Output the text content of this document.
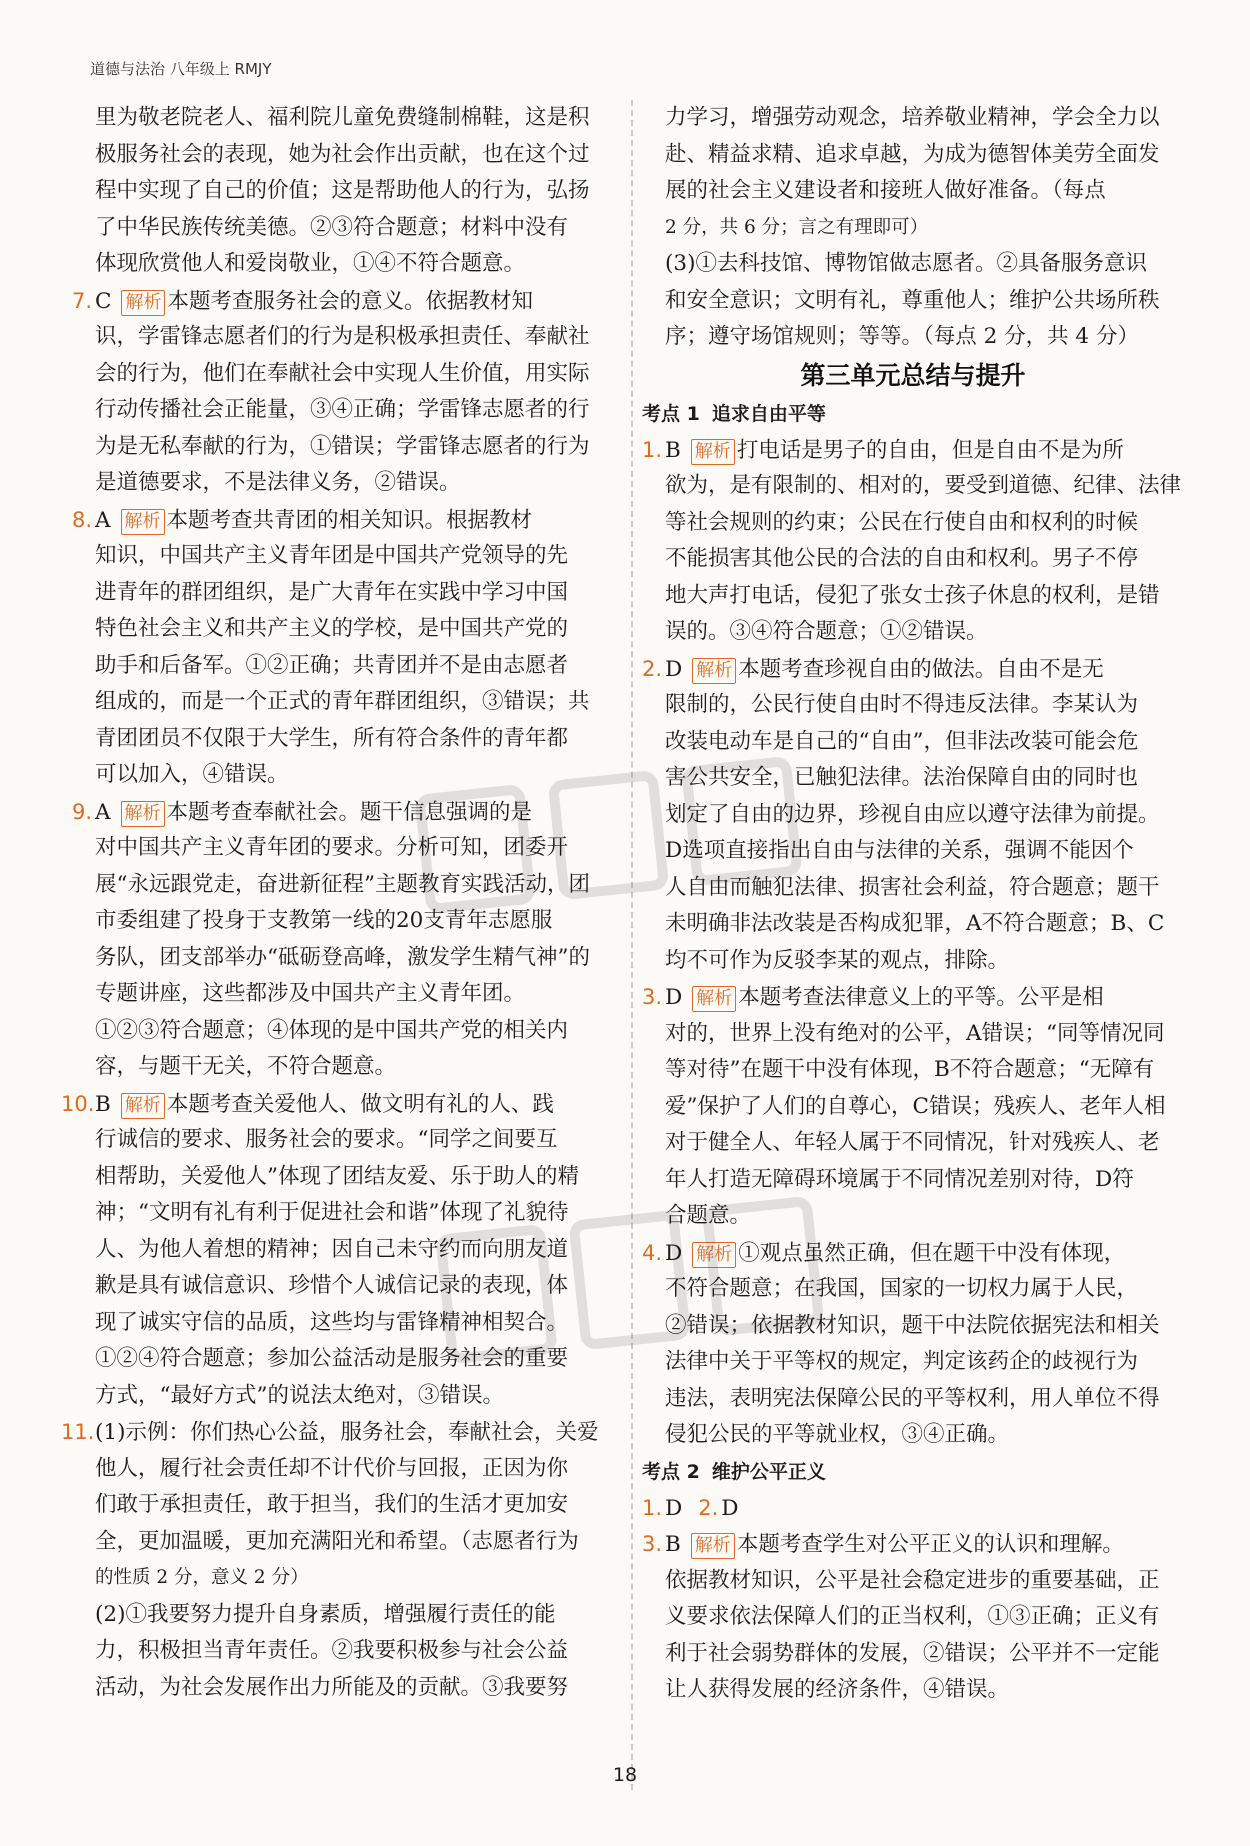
道德与法治 八年级上 RMJY
里为敬老院老人、福利院儿童免费缝制棉鞋，这是积
极服务社会的表现，她为社会作出贡献，也在这个过
程中实现了自己的价值；这是帮助他人的行为，弘扬
了中华民族传统美德。②③符合题意；材料中没有
体现欣赏他人和爱岗敬业，①④不符合题意。
7. C 解析 本题考查服务社会的意义。依据教材知
识，学雷锋志愿者们的行为是积极承担责任、奉献社
会的行为，他们在奉献社会中实现人生价值，用实际
行动传播社会正能量，③④正确；学雷锋志愿者的行
为是无私奉献的行为，①错误；学雷锋志愿者的行为
是道德要求，不是法律义务，②错误。
8. A 解析 本题考查共青团的相关知识。根据教材
知识，中国共产主义青年团是中国共产党领导的先
进青年的群团组织，是广大青年在实践中学习中国
特色社会主义和共产主义的学校，是中国共产党的
助手和后备军。①②正确；共青团并不是由志愿者
组成的，而是一个正式的青年群团组织，③错误；共
青团团员不仅限于大学生，所有符合条件的青年都
可以加入，④错误。
9. A 解析 本题考查奉献社会。题干信息强调的是
对中国共产主义青年团的要求。分析可知，团委开
展“永远跟党走，奋进新征程”主题教育实践活动，团
市委组建了投身于支教第一线的20支青年志愿服
务队，团支部举办“砥砺登高峰，激发学生精气神”的
专题讲座，这些都涉及中国共产主义青年团。
①②③符合题意；④体现的是中国共产党的相关内
容，与题干无关，不符合题意。
10. B 解析 本题考查关爱他人、做文明有礼的人、践
行诚信的要求、服务社会的要求。“同学之间要互
相帮助，关爱他人”体现了团结友爱、乐于助人的精
神；“文明有礼有利于促进社会和谐”体现了礼貌待
人、为他人着想的精神；因自己未守约而向朋友道
歉是具有诚信意识、珍惜个人诚信记录的表现，体
现了诚实守信的品质，这些均与雷锋精神相契合。
①②④符合题意；参加公益活动是服务社会的重要
方式，“最好方式”的说法太绝对，③错误。
11. (1)示例：你们热心公益，服务社会，奉献社会，关爱
他人，履行社会责任却不计代价与回报，正因为你
们敢于承担责任，敢于担当，我们的生活才更加安
全，更加温暖，更加充满阳光和希望。（志愿者行为
的性质 2 分，意义 2 分）
(2)①我要努力提升自身素质，增强履行责任的能
力，积极担当青年责任。②我要积极参与社会公益
活动，为社会发展作出力所能及的贡献。③我要努
力学习，增强劳动观念，培养敬业精神，学会全力以
赴、精益求精、追求卓越，为成为德智体美劳全面发
展的社会主义建设者和接班人做好准备。（每点
2 分，共 6 分；言之有理即可）
(3)①去科技馆、博物馆做志愿者。②具备服务意识
和安全意识；文明有礼，尊重他人；维护公共场所秩
序；遵守场馆规则；等等。（每点 2 分，共 4 分）
第三单元总结与提升
考点 1 追求自由平等
1. B 解析 打电话是男子的自由，但是自由不是为所
欲为，是有限制的、相对的，要受到道德、纪律、法律
等社会规则的约束；公民在行使自由和权利的时候
不能损害其他公民的合法的自由和权利。男子不停
地大声打电话，侵犯了张女士孩子休息的权利，是错
误的。③④符合题意；①②错误。
2. D 解析 本题考查珍视自由的做法。自由不是无
限制的，公民行使自由时不得违反法律。李某认为
改装电动车是自己的“自由”，但非法改装可能会危
害公共安全，已触犯法律。法治保障自由的同时也
划定了自由的边界，珍视自由应以遵守法律为前提。
D选项直接指出自由与法律的关系，强调不能因个
人自由而触犯法律、损害社会利益，符合题意；题干
未明确非法改装是否构成犯罪，A不符合题意；B、C
均不可作为反驳李某的观点，排除。
3. D 解析 本题考查法律意义上的平等。公平是相
对的，世界上没有绝对的公平，A错误；“同等情况同
等对待”在题干中没有体现，B不符合题意；“无障有
爱”保护了人们的自尊心，C错误；残疾人、老年人相
对于健全人、年轻人属于不同情况，针对残疾人、老
年人打造无障碍环境属于不同情况差别对待，D符
合题意。
4. D 解析 ①观点虽然正确，但在题干中没有体现，
不符合题意；在我国，国家的一切权力属于人民，
②错误；依据教材知识，题干中法院依据宪法和相关
法律中关于平等权的规定，判定该药企的歧视行为
违法，表明宪法保障公民的平等权利，用人单位不得
侵犯公民的平等就业权，③④正确。
考点 2 维护公平正义
1. D 2. D
3. B 解析 本题考查学生对公平正义的认识和理解。
依据教材知识，公平是社会稳定进步的重要基础，正
义要求依法保障人们的正当权利，①③正确；正义有
利于社会弱势群体的发展，②错误；公平并不一定能
让人获得发展的经济条件，④错误。
18
